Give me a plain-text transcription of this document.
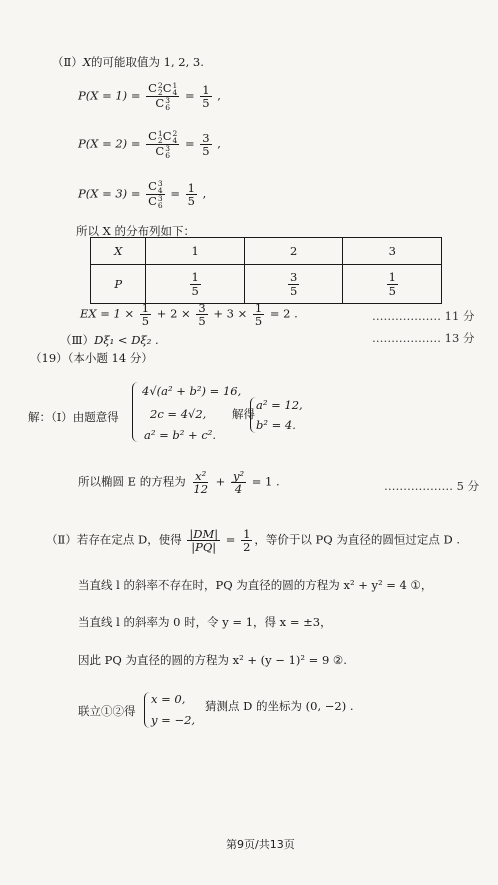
（Ⅱ）X的可能取值为 1, 2, 3.
P(X = 1) = C 2
2 C 1
4
C 3
$6 = \frac{1}{5}$ ,
P(X = 2) = C 1
2 C 2
4
C 3
$6 = \frac{3}{5}$ ,
P(X = 3) = C 3
4
C 3
$6 = \frac{1}{5}$ ,
所以 X 的分布列如下：
X	1	2	3
P	$\frac{1}{5}$	$\frac{3}{5}$	$\frac{1}{5}$
EX = $1 \times \frac{1}{5} + 2 \times \frac{3}{5} + 3 \times \frac{1}{5} = 2$ .	……………… 11 分
（Ⅲ）Dξ₁ < Dξ₂ .	……………… 13 分
（19）（本小题 14 分）
解：（Ⅰ）由题意得
4√(a² + b²) = 16,
2c = 4√2,
a² = b² + c².
解得
a² = 12,
b² = 4.
所以椭圆 E 的方程为 $\frac{\text{x²}}{12} + \frac{\text{y²}}{4} = 1$ .	……………… 5 分
（Ⅱ）若存在定点 D，使得 $\frac{|DM|}{|PQ|} = \frac{1}{2}$ ，等价于以 PQ 为直径的圆恒过定点 D .
当直线 l 的斜率不存在时，PQ 为直径的圆的方程为 x² + y² = 4 ①，
当直线 l 的斜率为 0 时，令 y = 1，得 x = ±3，
因此 PQ 为直径的圆的方程为 x² + (y − 1)² = 9 ②.
联立①②得
x = 0,
y = −2,
猜测点 D 的坐标为 (0, −2) .
第9页/共13页
